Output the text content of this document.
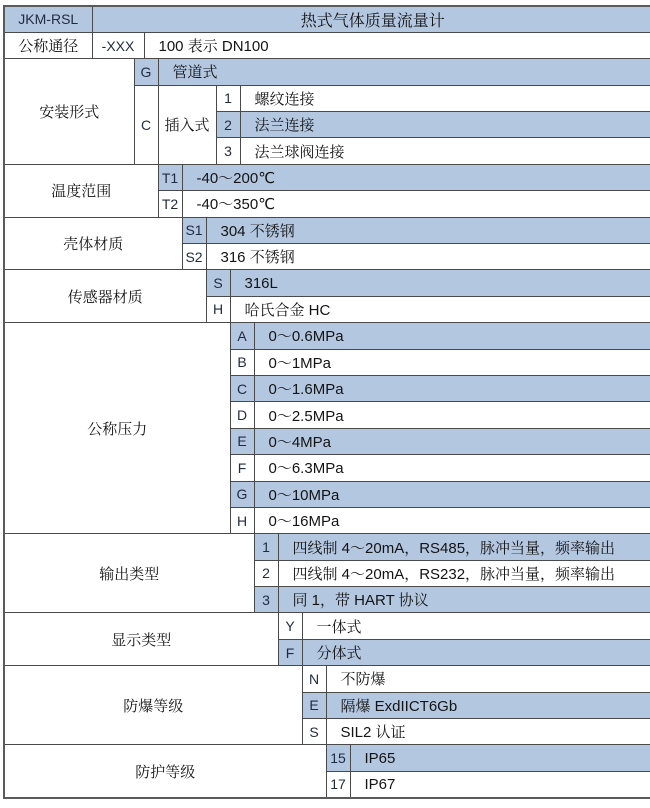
JKM-RSL	热式气体质量流量计													
公称通径	-XXX		100 表示 DN100											
安装形式		G		管道式										
		C		插入式			1		螺纹连接					
							2		法兰连接					
							3		法兰球阀连接					
温度范围				T1	-40～200℃									
				T2	-40～350℃									
壳体材质					S1	304 不锈钢								
					S2	316 不锈钢								
传感器材质						S		316L						
						H		哈氏合金 HC						
公称压力								A		0～0.6MPa				
								B		0～1MPa				
								C		0～1.6MPa				
								D		0～2.5MPa				
								E		0～4MPa				
								F		0～6.3MPa				
								G		0～10MPa				
								H		0～16MPa				
输出类型										1	四线制 4～20mA，RS485，脉冲当量，频率输出			
										2	四线制 4～20mA，RS232，脉冲当量，频率输出			
										3	同 1，带 HART 协议			
显示类型											Y	一体式		
											F	分体式		
防爆等级												N	不防爆	
												E	隔爆 ExdIICT6Gb	
												S	SIL2 认证	
防护等级													15	IP65
													17	IP67
